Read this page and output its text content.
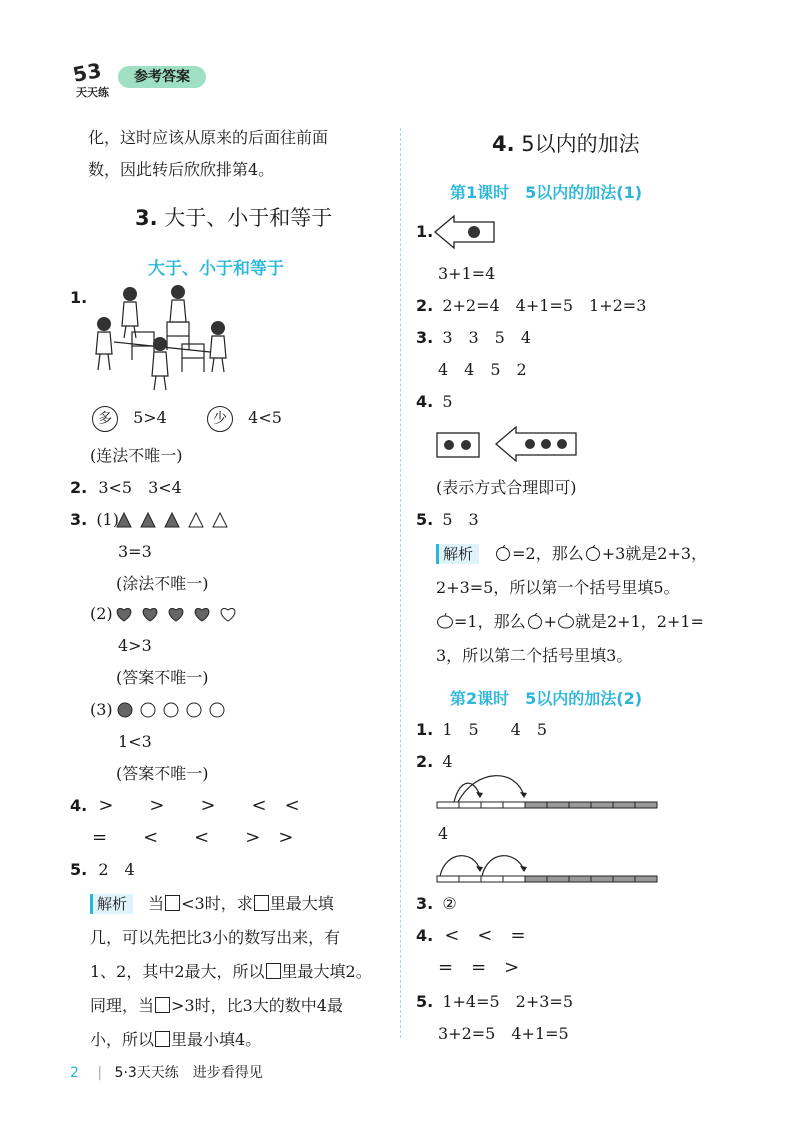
5
3
天天练
参考答案
化，这时应该从原来的后面往前面
数，因此转后欣欣排第4。
3. 大于、小于和等于
大于、小于和等于
1.
多 5>4	少 4<5
(连法不唯一)
2. 3<5　3<4
3. (1)
3=3
(涂法不唯一)
(2)
4>3
(答案不唯一)
(3)
1<3
(答案不唯一)
4. >　　>　　>　　<　<
=　　<　　<　　>　>
5. 2　4
解析 当 <3时，求 里最大填
几，可以先把比3小的数写出来，有
1、2，其中2最大，所以 里最大填2。
同理，当 >3时，比3大的数中4最
小，所以 里最小填4。
4. 5以内的加法
第1课时　5以内的加法(1)
1.
3+1=4
2. 2+2=4　4+1=5　1+2=3
3. 3　3　5　4
4　4　5　2
4. 5
(表示方式合理即可)
5. 5　3
解析 =2，那么 +3就是2+3，
2+3=5，所以第一个括号里填5。
=1，那么 + 就是2+1，2+1=
3，所以第二个括号里填3。
第2课时　5以内的加法(2)
1. 1　5　　4　5
2. 4
4
3. ②
4. <　<　=
=　=　>
5. 1+4=5　2+3=5
3+2=5　4+1=5
2 | 5·3天天练　进步看得见
